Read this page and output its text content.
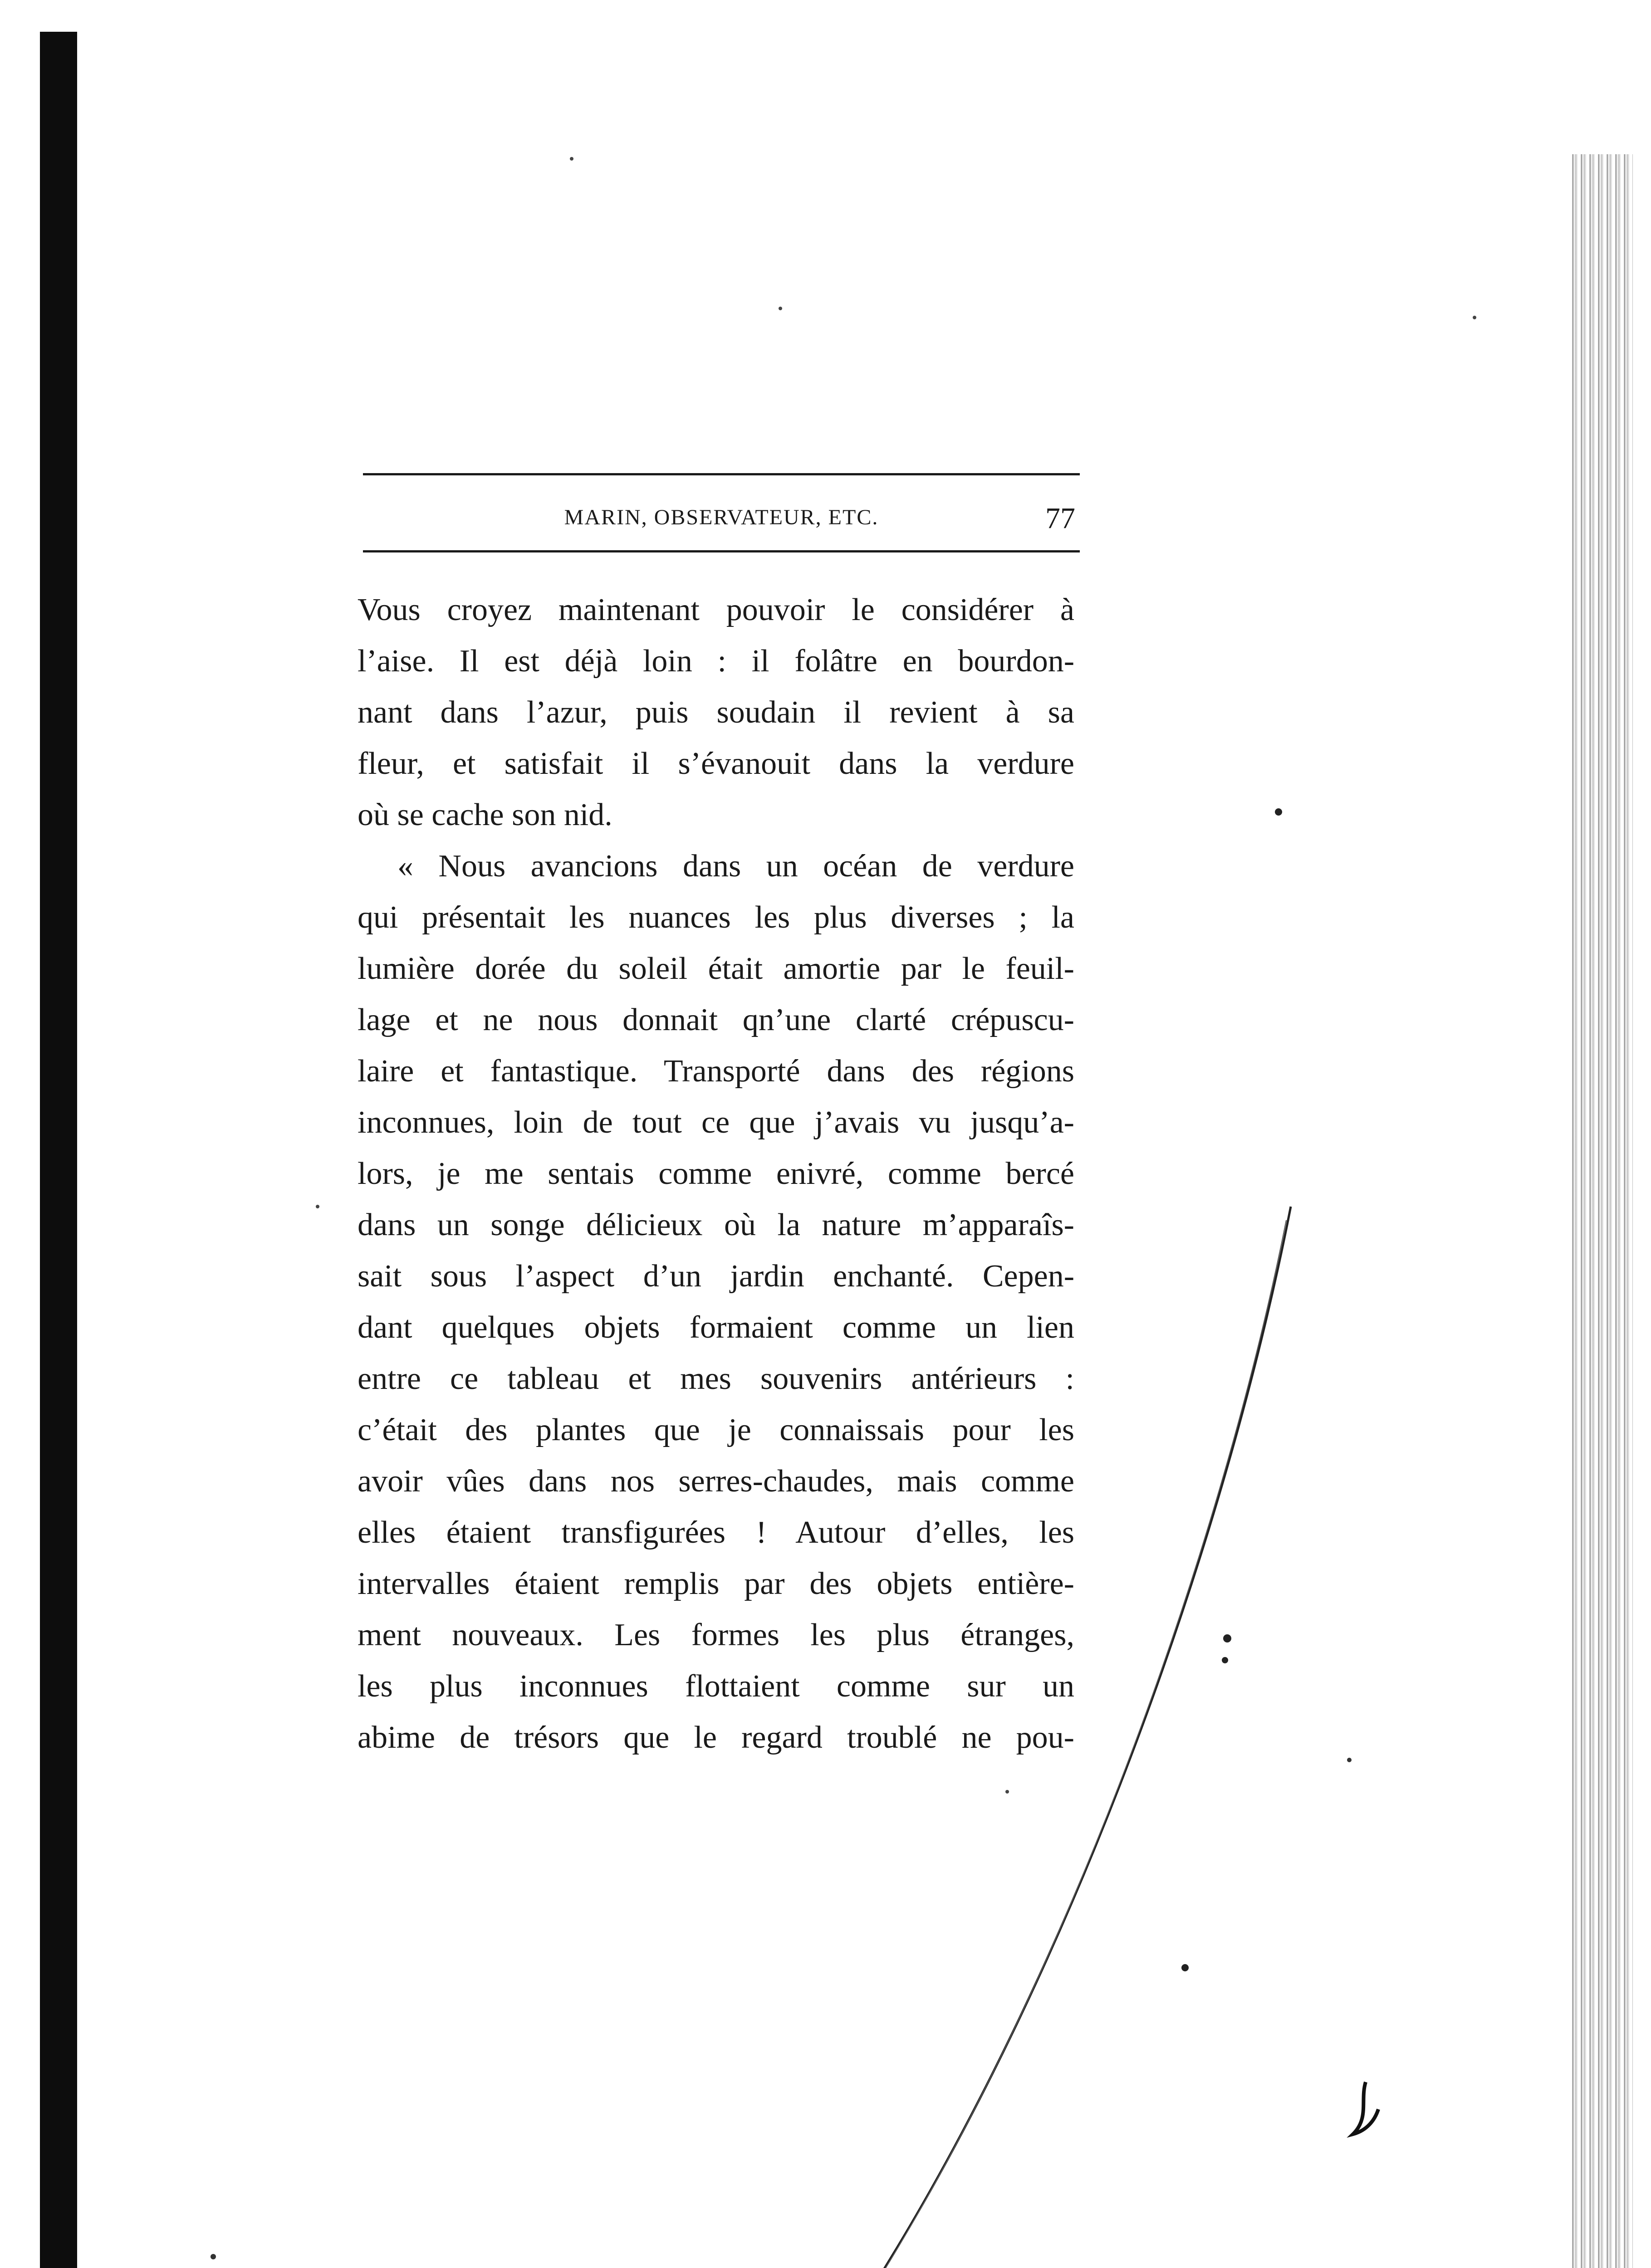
MARIN, OBSERVATEUR, ETC.	77
Vous croyez maintenant pouvoir le considérer à
l’aise. Il est déjà loin : il folâtre en bourdon-
nant dans l’azur, puis soudain il revient à sa
fleur, et satisfait il s’évanouit dans la verdure
où se cache son nid.
« Nous avancions dans un océan de verdure
qui présentait les nuances les plus diverses ; la
lumière dorée du soleil était amortie par le feuil-
lage et ne nous donnait qn’une clarté crépuscu-
laire et fantastique. Transporté dans des régions
inconnues, loin de tout ce que j’avais vu jusqu’a-
lors, je me sentais comme enivré, comme bercé
dans un songe délicieux où la nature m’apparaîs-
sait sous l’aspect d’un jardin enchanté. Cepen-
dant quelques objets formaient comme un lien
entre ce tableau et mes souvenirs antérieurs :
c’était des plantes que je connaissais pour les
avoir vûes dans nos serres-chaudes, mais comme
elles étaient transfigurées ! Autour d’elles, les
intervalles étaient remplis par des objets entière-
ment nouveaux. Les formes les plus étranges,
les plus inconnues flottaient comme sur un
abime de trésors que le regard troublé ne pou-
